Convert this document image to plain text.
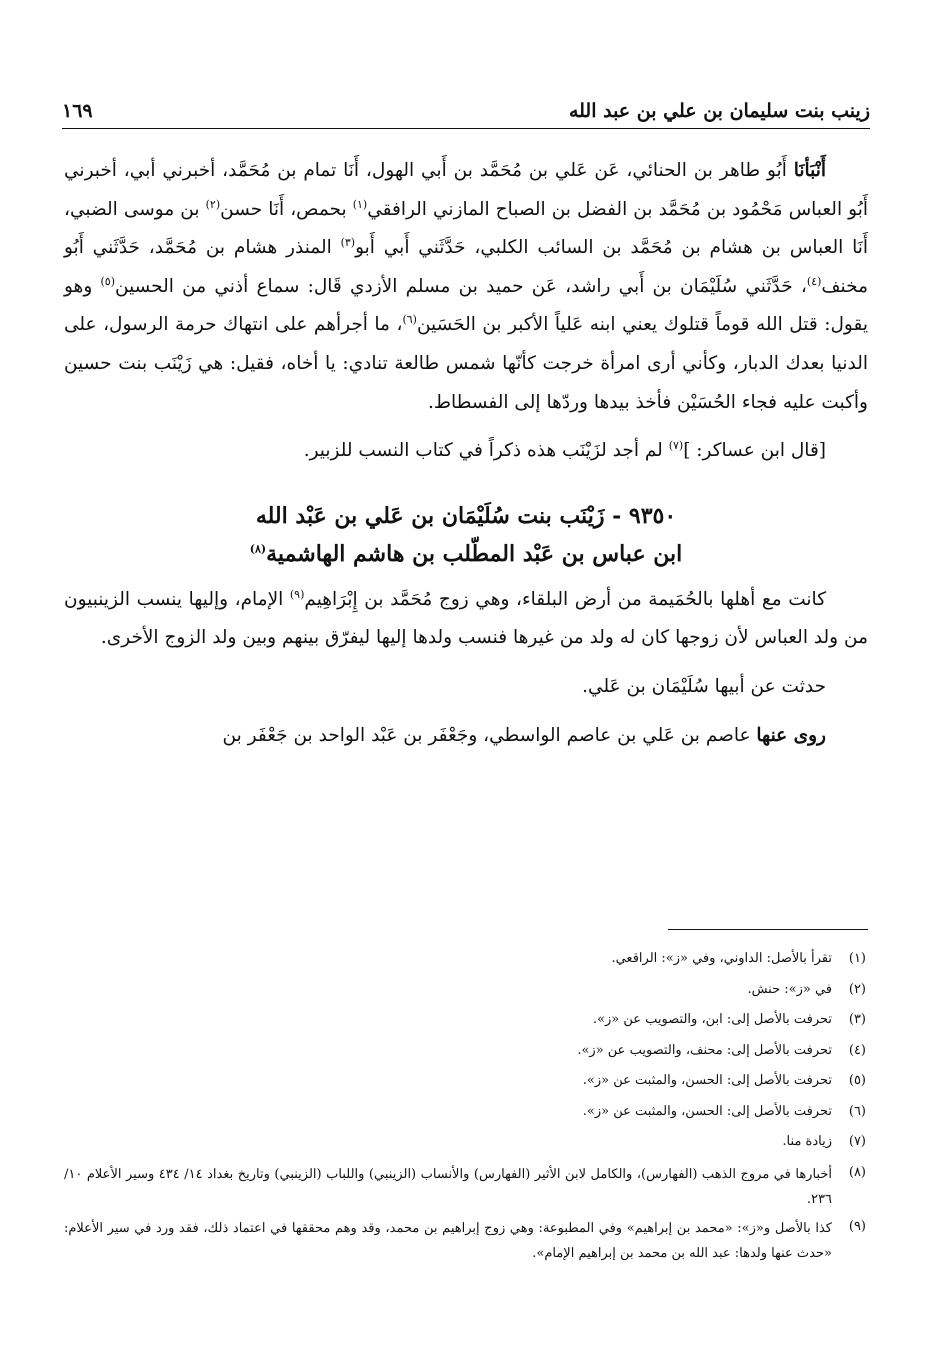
زينب بنت سليمان بن علي بن عبد الله
١٦٩

أَنْبَأنَا أَبُو طاهر بن الحنائي، عَن عَلي بن مُحَمَّد بن أَبي الهول، أَنَا تمام بن مُحَمَّد، أخبرني أبي، أخبرني أَبُو العباس مَحْمُود بن مُحَمَّد بن الفضل بن الصباح المازني الرافقي$^{(١)}$ بحمص، أَنَا حسن$^{(٢)}$ بن موسى الضبي، أَنَا العباس بن هشام بن مُحَمَّد بن السائب الكلبي، حَدَّثَني أَبي أَبو$^{(٣)}$ المنذر هشام بن مُحَمَّد، حَدَّثَني أَبُو مخنف$^{(٤)}$، حَدَّثَني سُلَيْمَان بن أَبي راشد، عَن حميد بن مسلم الأزدي قَال: سماع أذني من الحسين$^{(٥)}$ وهو يقول: قتل الله قوماً قتلوك يعني ابنه عَلياً الأكبر بن الحَسَين$^{(٦)}$، ما أجرأهم على انتهاك حرمة الرسول، على الدنيا بعدك الدبار، وكأني أرى امرأة خرجت كأنّها شمس طالعة تنادي: يا أخاه، فقيل: هي زَيْنَب بنت حسين وأكبت عليه فجاء الحُسَيْن فأخذ بيدها وردّها إلى الفسطاط.

[قال ابن عساكر: ]$^{(٧)}$ لم أجد لزَيْنَب هذه ذكراً في كتاب النسب للزبير.

٩٣٥٠ - زَيْنَب بنت سُلَيْمَان بن عَلي بن عَبْد الله
ابن عباس بن عَبْد المطّلب بن هاشم الهاشمية$^{(٨)}$

كانت مع أهلها بالحُمَيمة من أرض البلقاء، وهي زوج مُحَمَّد بن إِبْرَاهِيم$^{(٩)}$ الإمام، وإليها ينسب الزينبيون من ولد العباس لأن زوجها كان له ولد من غيرها فنسب ولدها إليها ليفرّق بينهم وبين ولد الزوج الأخرى.

حدثت عن أبيها سُلَيْمَان بن عَلي.

روى عنها عاصم بن عَلي بن عاصم الواسطي، وجَعْفَر بن عَبْد الواحد بن جَعْفَر بن

(١)
تقرأ بالأصل: الداوني، وفي «ز»: الراقعي.
(٢)
في «ز»: حنش.
(٣)
تحرفت بالأصل إلى: ابن، والتصويب عن «ز».
(٤)
تحرفت بالأصل إلى: محنف، والتصويب عن «ز».
(٥)
تحرفت بالأصل إلى: الحسن، والمثبت عن «ز».
(٦)
تحرفت بالأصل إلى: الحسن، والمثبت عن «ز».
(٧)
زيادة منا.
(٨)
أخبارها في مروج الذهب (الفهارس)، والكامل لابن الأثير (الفهارس) والأنساب (الزينبي) واللباب (الزينبي) وتاريخ بغداد ١٤/ ٤٣٤ وسير الأعلام ١٠/ ٢٣٦.
(٩)
كذا بالأصل و«ز»: «محمد بن إبراهيم» وفي المطبوعة: وهي زوج إبراهيم بن محمد، وقد وهم محققها في اعتماد ذلك، فقد ورد في سير الأعلام: «حدث عنها ولدها: عبد الله بن محمد بن إبراهيم الإمام».
